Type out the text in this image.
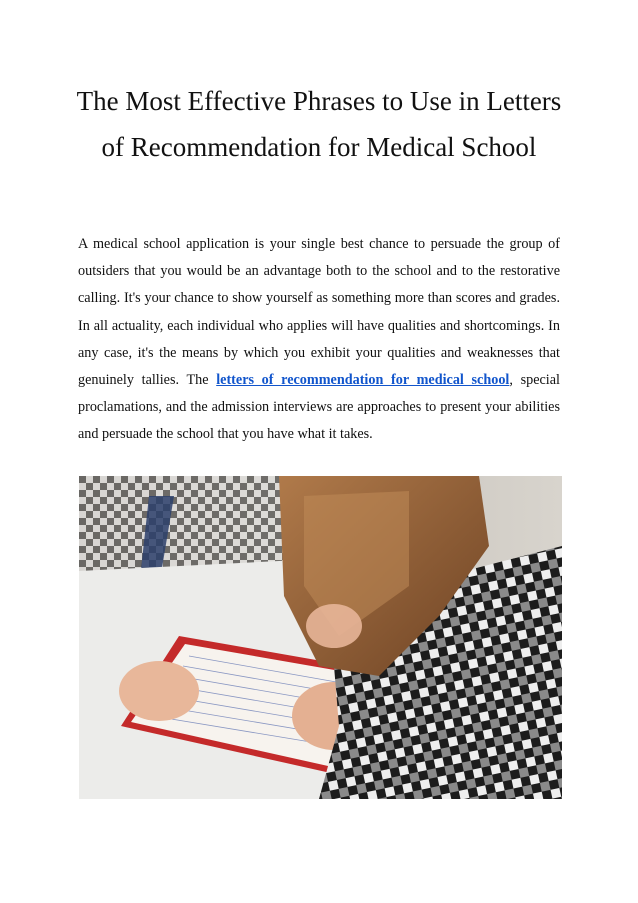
The Most Effective Phrases to Use in Letters of Recommendation for Medical School

A medical school application is your single best chance to persuade the group of outsiders that you would be an advantage both to the school and to the restorative calling. It's your chance to show yourself as something more than scores and grades. In all actuality, each individual who applies will have qualities and shortcomings. In any case, it's the means by which you exhibit your qualities and weaknesses that genuinely tallies. The letters of recommendation for medical school, special proclamations, and the admission interviews are approaches to present your abilities and persuade the school that you have what it takes.
